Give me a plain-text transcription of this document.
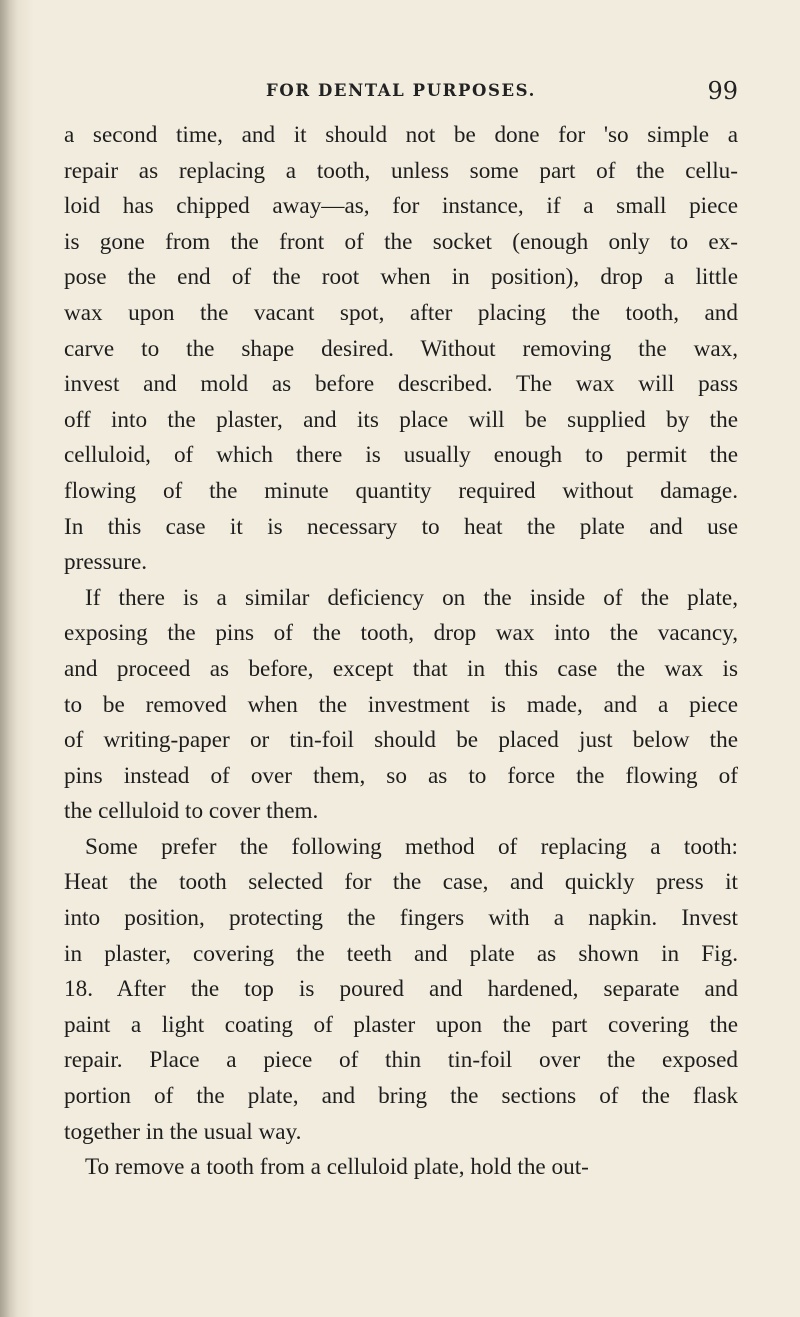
FOR DENTAL PURPOSES.	99

a second time, and it should not be done for 'so simple a
repair as replacing a tooth, unless some part of the cellu-
loid has chipped away—as, for instance, if a small piece
is gone from the front of the socket (enough only to ex-
pose the end of the root when in position), drop a little
wax upon the vacant spot, after placing the tooth, and
carve to the shape desired. Without removing the wax,
invest and mold as before described. The wax will pass
off into the plaster, and its place will be supplied by the
celluloid, of which there is usually enough to permit the
flowing of the minute quantity required without damage.
In this case it is necessary to heat the plate and use
pressure.

If there is a similar deficiency on the inside of the plate,
exposing the pins of the tooth, drop wax into the vacancy,
and proceed as before, except that in this case the wax is
to be removed when the investment is made, and a piece
of writing-paper or tin-foil should be placed just below the
pins instead of over them, so as to force the flowing of
the celluloid to cover them.

Some prefer the following method of replacing a tooth:
Heat the tooth selected for the case, and quickly press it
into position, protecting the fingers with a napkin. Invest
in plaster, covering the teeth and plate as shown in Fig.
18. After the top is poured and hardened, separate and
paint a light coating of plaster upon the part covering the
repair. Place a piece of thin tin-foil over the exposed
portion of the plate, and bring the sections of the flask
together in the usual way.

To remove a tooth from a celluloid plate, hold the out-
